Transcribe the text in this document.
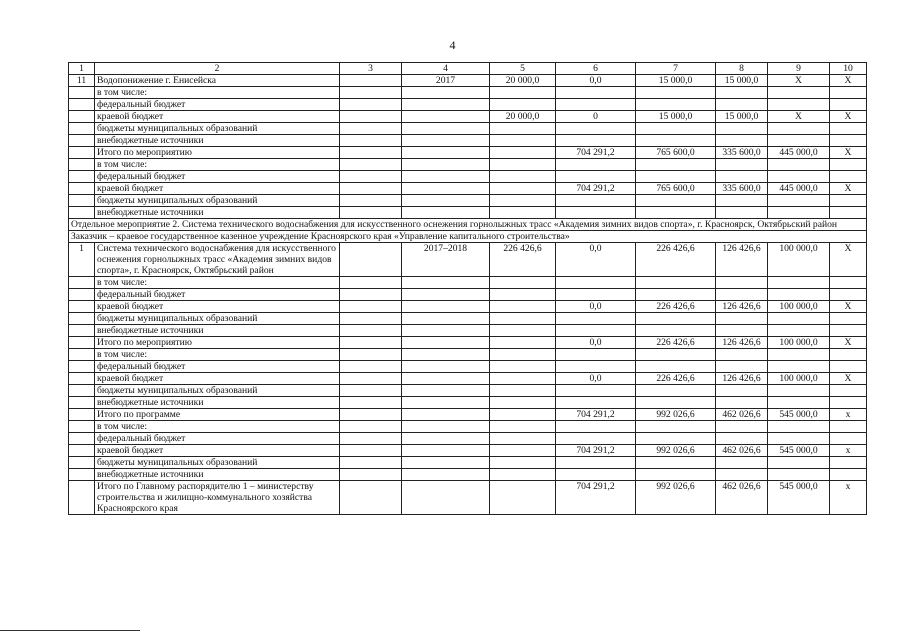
4
1	2	3	4	5	6	7	8	9	10
11	Водопонижение г. Енисейска		2017	20 000,0	0,0	15 000,0	15 000,0	Х	Х
	в том числе:								
	федеральный бюджет								
	краевой бюджет			20 000,0	0	15 000,0	15 000,0	Х	Х
	бюджеты муниципальных образований								
	внебюджетные источники								
	Итого по мероприятию				704 291,2	765 600,0	335 600,0	445 000,0	Х
	в том числе:								
	федеральный бюджет								
	краевой бюджет				704 291,2	765 600,0	335 600,0	445 000,0	Х
	бюджеты муниципальных образований								
	внебюджетные источники								
Отдельное мероприятие 2. Система технического водоснабжения для искусственного оснежения горнолыжных трасс «Академия зимних видов спорта», г. Красноярск, Октябрьский район									
Заказчик – краевое государственное казенное учреждение Красноярского края «Управление капитального строительства»									
1	Система технического водоснабжения для искусственного оснежения горнолыжных трасс «Академия зимних видов спорта», г. Красноярск, Октябрьский район		2017–2018	226 426,6	0,0	226 426,6	126 426,6	100 000,0	Х
	в том числе:								
	федеральный бюджет								
	краевой бюджет				0,0	226 426,6	126 426,6	100 000,0	Х
	бюджеты муниципальных образований								
	внебюджетные источники								
	Итого по мероприятию				0,0	226 426,6	126 426,6	100 000,0	Х
	в том числе:								
	федеральный бюджет								
	краевой бюджет				0,0	226 426,6	126 426,6	100 000,0	Х
	бюджеты муниципальных образований								
	внебюджетные источники								
	Итого по программе				704 291,2	992 026,6	462 026,6	545 000,0	х
	в том числе:								
	федеральный бюджет								
	краевой бюджет				704 291,2	992 026,6	462 026,6	545 000,0	х
	бюджеты муниципальных образований								
	внебюджетные источники								
	Итого по Главному распорядителю 1 – министерству строительства и жилищно-коммунального хозяйства Красноярского края				704 291,2	992 026,6	462 026,6	545 000,0	х
